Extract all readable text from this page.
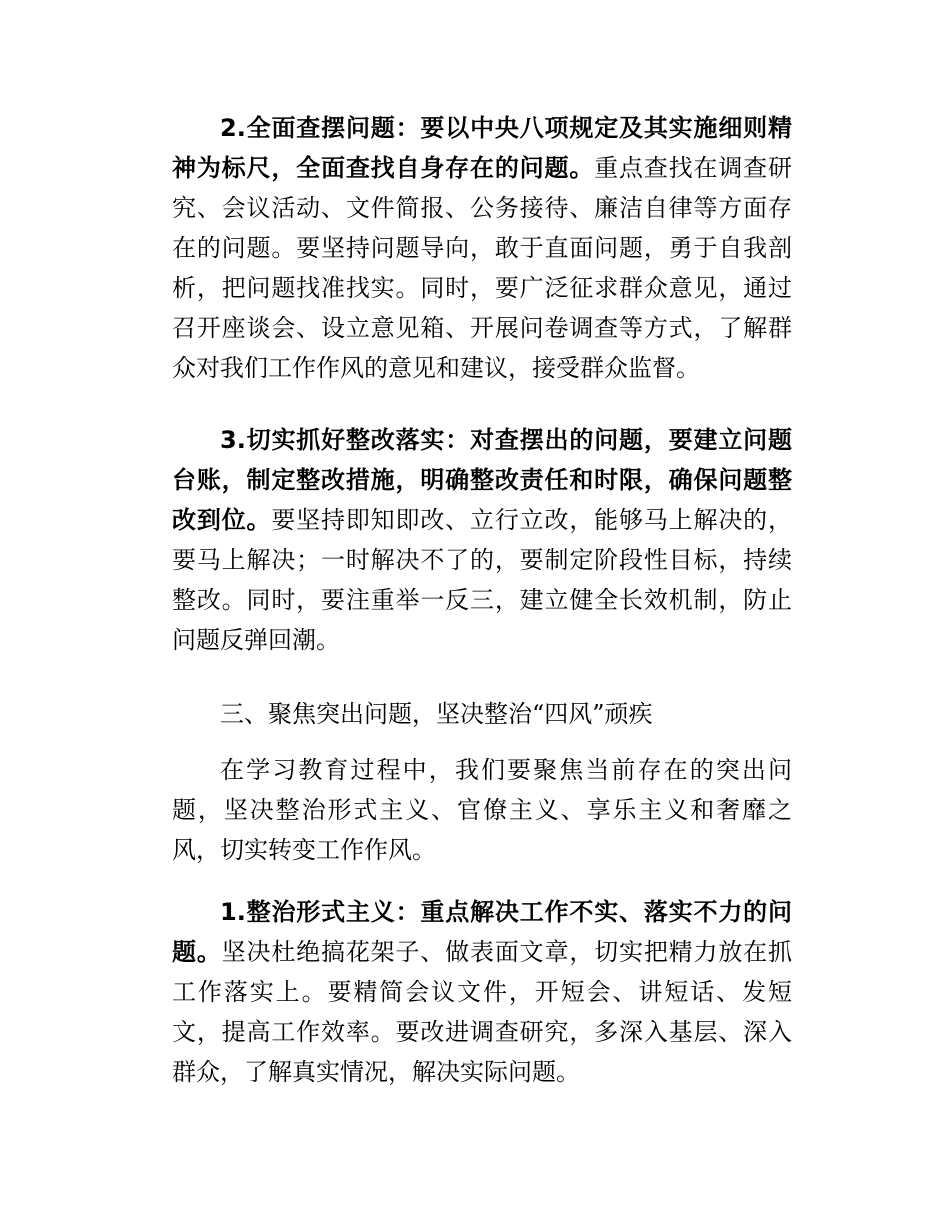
2.全面查摆问题：要以中央八项规定及其实施细则精神为标尺，全面查找自身存在的问题。重点查找在调查研究、会议活动、文件简报、公务接待、廉洁自律等方面存在的问题。要坚持问题导向，敢于直面问题，勇于自我剖析，把问题找准找实。同时，要广泛征求群众意见，通过召开座谈会、设立意见箱、开展问卷调查等方式，了解群众对我们工作作风的意见和建议，接受群众监督。

3.切实抓好整改落实：对查摆出的问题，要建立问题台账，制定整改措施，明确整改责任和时限，确保问题整改到位。要坚持即知即改、立行立改，能够马上解决的，要马上解决；一时解决不了的，要制定阶段性目标，持续整改。同时，要注重举一反三，建立健全长效机制，防止问题反弹回潮。

三、聚焦突出问题，坚决整治“四风”顽疾

在学习教育过程中，我们要聚焦当前存在的突出问题，坚决整治形式主义、官僚主义、享乐主义和奢靡之风，切实转变工作作风。

1.整治形式主义：重点解决工作不实、落实不力的问题。坚决杜绝搞花架子、做表面文章，切实把精力放在抓工作落实上。要精简会议文件，开短会、讲短话、发短文，提高工作效率。要改进调查研究，多深入基层、深入群众，了解真实情况，解决实际问题。
